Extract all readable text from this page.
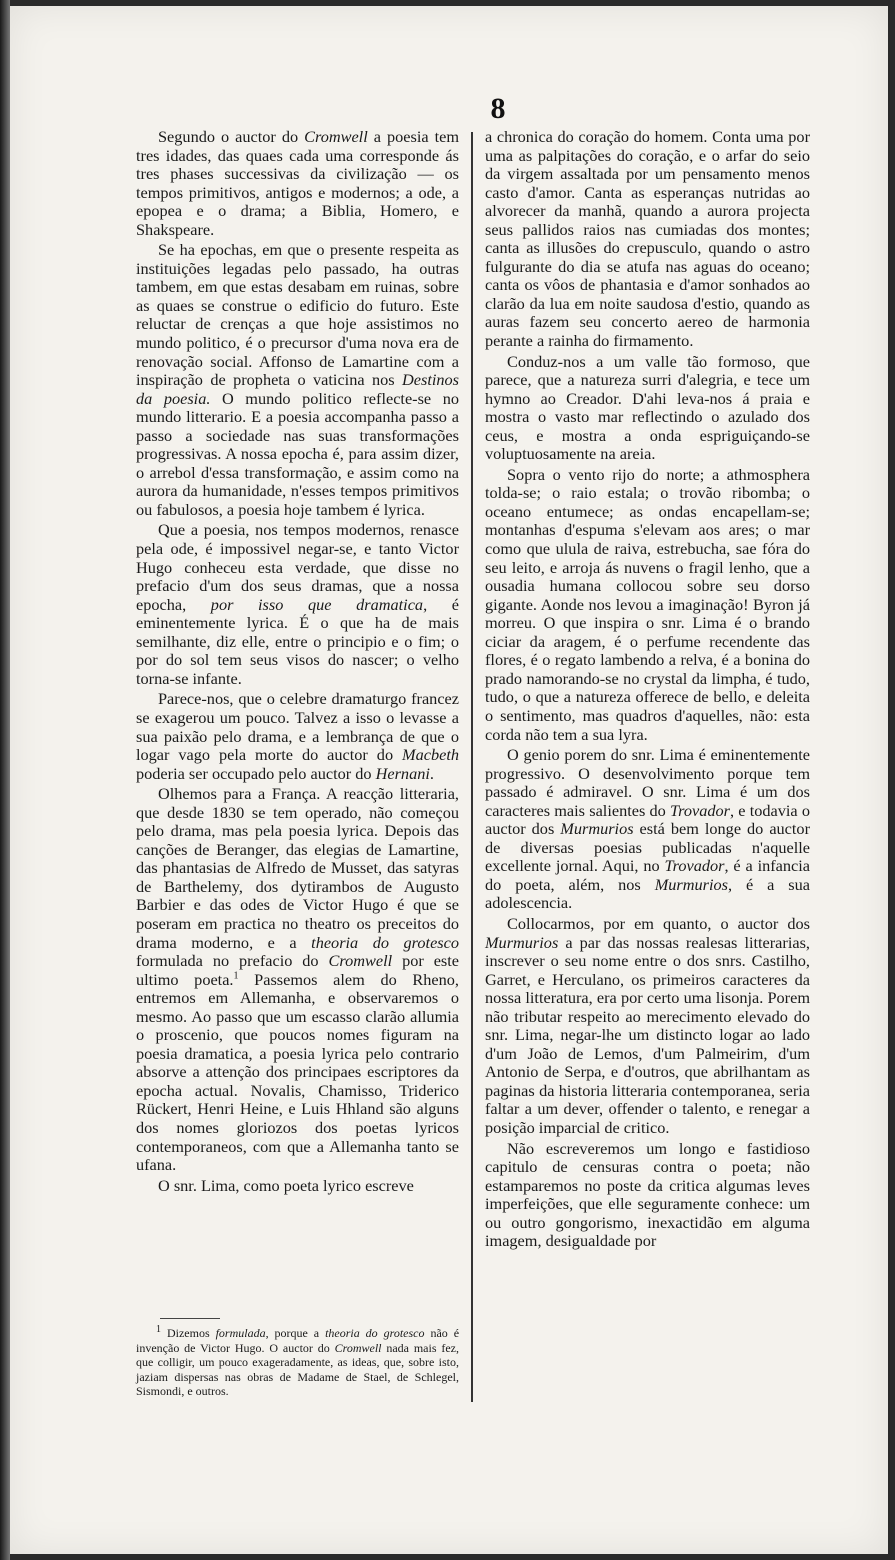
8

Segundo o auctor do Cromwell a poesia tem tres idades, das quaes cada uma corresponde ás tres phases successivas da civilização — os tempos primitivos, antigos e modernos; a ode, a epopea e o drama; a Biblia, Homero, e Shakspeare.

Se ha epochas, em que o presente respeita as instituições legadas pelo passado, ha outras tambem, em que estas desabam em ruinas, sobre as quaes se construe o edificio do futuro. Este reluctar de crenças a que hoje assistimos no mundo politico, é o precursor d'uma nova era de renovação social. Affonso de Lamartine com a inspiração de propheta o vaticina nos Destinos da poesia. O mundo politico reflecte-se no mundo litterario. E a poesia accompanha passo a passo a sociedade nas suas transformações progressivas. A nossa epocha é, para assim dizer, o arrebol d'essa transformação, e assim como na aurora da humanidade, n'esses tempos primitivos ou fabulosos, a poesia hoje tambem é lyrica.

Que a poesia, nos tempos modernos, renasce pela ode, é impossivel negar-se, e tanto Victor Hugo conheceu esta verdade, que disse no prefacio d'um dos seus dramas, que a nossa epocha, por isso que dramatica, é eminentemente lyrica. É o que ha de mais semilhante, diz elle, entre o principio e o fim; o por do sol tem seus visos do nascer; o velho torna-se infante.

Parece-nos, que o celebre dramaturgo francez se exagerou um pouco. Talvez a isso o levasse a sua paixão pelo drama, e a lembrança de que o logar vago pela morte do auctor do Macbeth poderia ser occupado pelo auctor do Hernani.

Olhemos para a França. A reacção litteraria, que desde 1830 se tem operado, não começou pelo drama, mas pela poesia lyrica. Depois das canções de Beranger, das elegias de Lamartine, das phantasias de Alfredo de Musset, das satyras de Barthelemy, dos dytirambos de Augusto Barbier e das odes de Victor Hugo é que se poseram em practica no theatro os preceitos do drama moderno, e a theoria do grotesco formulada no prefacio do Cromwell por este ultimo poeta.$^1$ Passemos alem do Rheno, entremos em Allemanha, e observaremos o mesmo. Ao passo que um escasso clarão allumia o proscenio, que poucos nomes figuram na poesia dramatica, a poesia lyrica pelo contrario absorve a attenção dos principaes escriptores da epocha actual. Novalis, Chamisso, Triderico Rückert, Henri Heine, e Luis Hhland são alguns dos nomes gloriozos dos poetas lyricos contemporaneos, com que a Allemanha tanto se ufana.

O snr. Lima, como poeta lyrico escreve

$^1$ Dizemos formulada, porque a theoria do grotesco não é invenção de Victor Hugo. O auctor do Cromwell nada mais fez, que colligir, um pouco exageradamente, as ideas, que, sobre isto, jaziam dispersas nas obras de Madame de Stael, de Schlegel, Sismondi, e outros.

a chronica do coração do homem. Conta uma por uma as palpitações do coração, e o arfar do seio da virgem assaltada por um pensamento menos casto d'amor. Canta as esperanças nutridas ao alvorecer da manhã, quando a aurora projecta seus pallidos raios nas cumiadas dos montes; canta as illusões do crepusculo, quando o astro fulgurante do dia se atufa nas aguas do oceano; canta os vôos de phantasia e d'amor sonhados ao clarão da lua em noite saudosa d'estio, quando as auras fazem seu concerto aereo de harmonia perante a rainha do firmamento.

Conduz-nos a um valle tão formoso, que parece, que a natureza surri d'alegria, e tece um hymno ao Creador. D'ahi leva-nos á praia e mostra o vasto mar reflectindo o azulado dos ceus, e mostra a onda espriguiçando-se voluptuosamente na areia.

Sopra o vento rijo do norte; a athmosphera tolda-se; o raio estala; o trovão ribomba; o oceano entumece; as ondas encapellam-se; montanhas d'espuma s'elevam aos ares; o mar como que ulula de raiva, estrebucha, sae fóra do seu leito, e arroja ás nuvens o fragil lenho, que a ousadia humana collocou sobre seu dorso gigante. Aonde nos levou a imaginação! Byron já morreu. O que inspira o snr. Lima é o brando ciciar da aragem, é o perfume recendente das flores, é o regato lambendo a relva, é a bonina do prado namorando-se no crystal da limpha, é tudo, tudo, o que a natureza offerece de bello, e deleita o sentimento, mas quadros d'aquelles, não: esta corda não tem a sua lyra.

O genio porem do snr. Lima é eminentemente progressivo. O desenvolvimento porque tem passado é admiravel. O snr. Lima é um dos caracteres mais salientes do Trovador, e todavia o auctor dos Murmurios está bem longe do auctor de diversas poesias publicadas n'aquelle excellente jornal. Aqui, no Trovador, é a infancia do poeta, além, nos Murmurios, é a sua adolescencia.

Collocarmos, por em quanto, o auctor dos Murmurios a par das nossas realesas litterarias, inscrever o seu nome entre o dos snrs. Castilho, Garret, e Herculano, os primeiros caracteres da nossa litteratura, era por certo uma lisonja. Porem não tributar respeito ao merecimento elevado do snr. Lima, negar-lhe um distincto logar ao lado d'um João de Lemos, d'um Palmeirim, d'um Antonio de Serpa, e d'outros, que abrilhantam as paginas da historia litteraria contemporanea, seria faltar a um dever, offender o talento, e renegar a posição imparcial de critico.

Não escreveremos um longo e fastidioso capitulo de censuras contra o poeta; não estamparemos no poste da critica algumas leves imperfeições, que elle seguramente conhece: um ou outro gongorismo, inexactidão em alguma imagem, desigualdade por
